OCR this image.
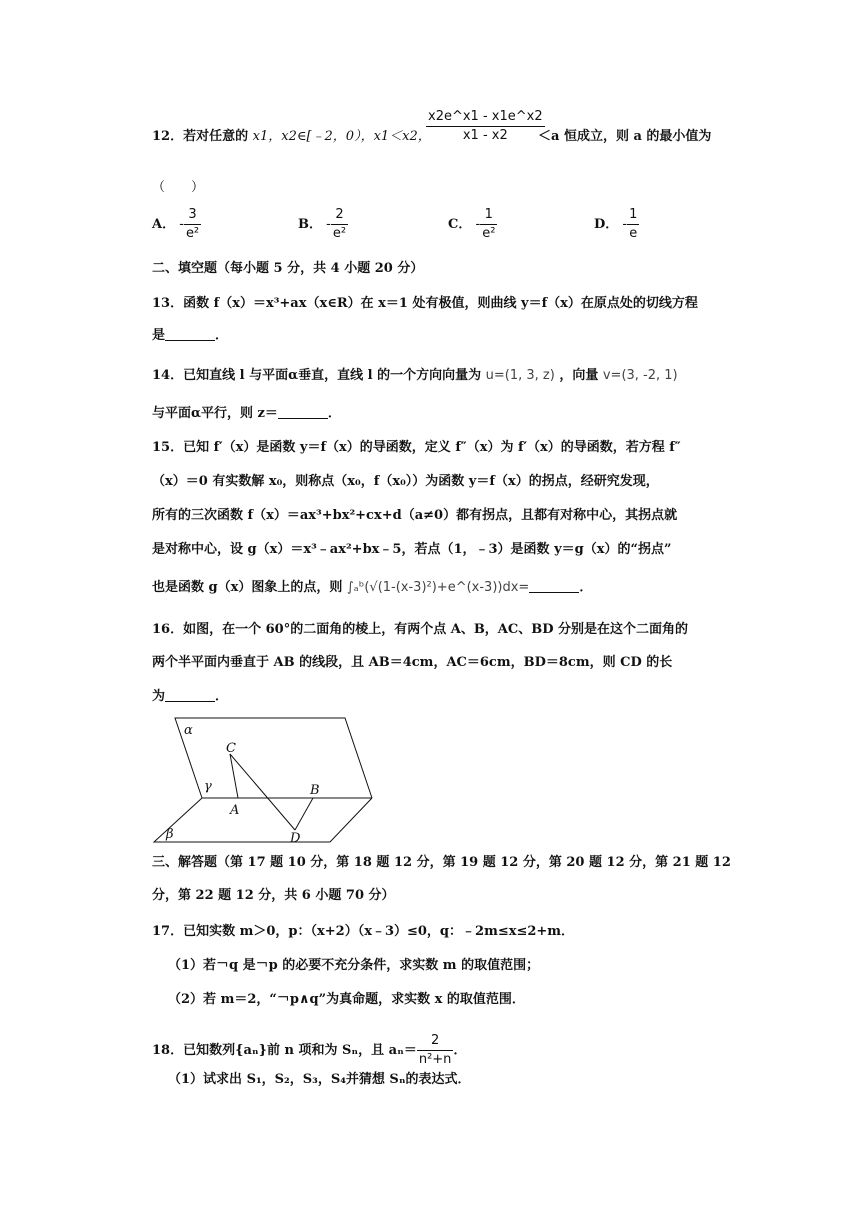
12．若对任意的 x1，x2∈[﹣2，0），x1＜x2，
$\frac{x2e\^{}x1 - x1e\^{}x2}{x1 - x2}$
＜a 恒成立，则 a 的最小值为
（　　）
A． - $\frac{3}{\text{e²}}$	B． - $\frac{2}{\text{e²}}$	C． - $\frac{1}{\text{e²}}$	D． - $\frac{1}{e}$
二、填空题（每小题 5 分，共 4 小题 20 分）
13．函数 f（x）＝x³+ax（x∈R）在 x＝1 处有极值，则曲线 y＝f（x）在原点处的切线方程
是	．
14．已知直线 l 与平面α垂直，直线 l 的一个方向向量为 u=(1, 3, z) ，向量 v=(3, -2, 1)
与平面α平行，则 z＝	．
15．已知 f′（x）是函数 y＝f（x）的导函数，定义 f″（x）为 f′（x）的导函数，若方程 f″
（x）＝0 有实数解 x₀，则称点（x₀，f（x₀））为函数 y＝f（x）的拐点，经研究发现，
所有的三次函数 f（x）＝ax³+bx²+cx+d（a≠0）都有拐点，且都有对称中心，其拐点就
是对称中心，设 g（x）＝x³﹣ax²+bx﹣5，若点（1，﹣3）是函数 y＝g（x）的“拐点”
也是函数 g（x）图象上的点，则 ∫ₐᵇ(√(1-(x-3)²)+e^(x-3))dx=	．
16．如图，在一个 60°的二面角的棱上，有两个点 A、B，AC、BD 分别是在这个二面角的
两个半平面内垂直于 AB 的线段，且 AB＝4cm，AC＝6cm，BD＝8cm，则 CD 的长
为	．
α
β
γ
A
B
C
D
三、解答题（第 17 题 10 分，第 18 题 12 分，第 19 题 12 分，第 20 题 12 分，第 21 题 12
分，第 22 题 12 分，共 6 小题 70 分）
17．已知实数 m＞0，p：（x+2）（x﹣3）≤0，q：﹣2m≤x≤2+m．
（1）若￢q 是￢p 的必要不充分条件，求实数 m 的取值范围；
（2）若 m＝2，“￢p∧q”为真命题，求实数 x 的取值范围．
18．已知数列{aₙ}前 n 项和为 Sₙ，且 $a_n= \frac{2}{\text{n²+n}}$ ．
（1）试求出 S₁，S₂，S₃，S₄并猜想 Sₙ的表达式．
